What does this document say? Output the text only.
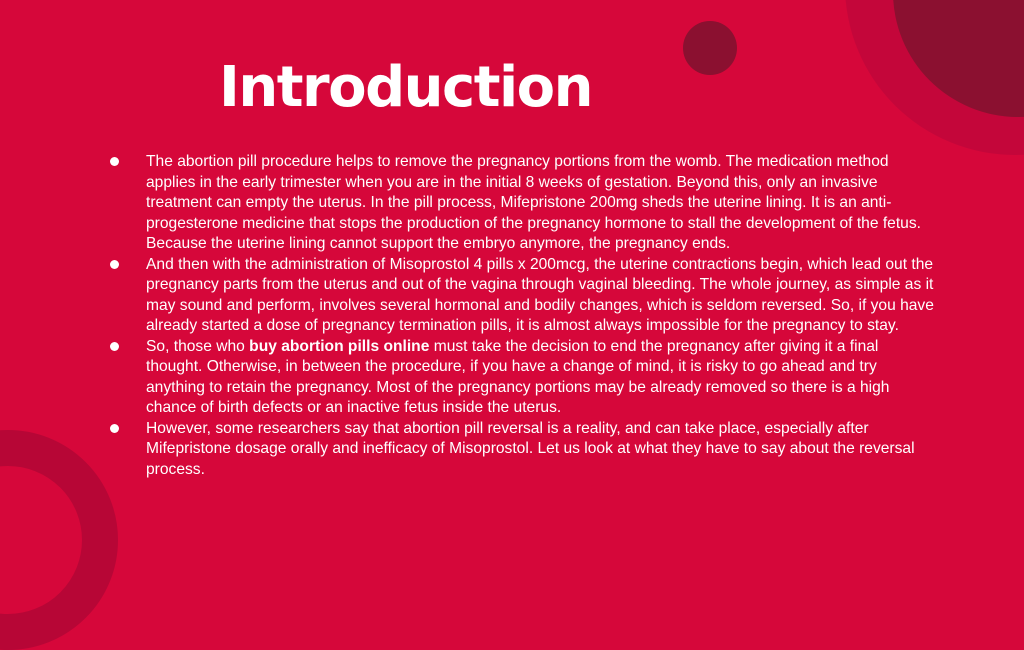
Introduction
The abortion pill procedure helps to remove the pregnancy portions from the womb. The medication method applies in the early trimester when you are in the initial 8 weeks of gestation. Beyond this, only an invasive treatment can empty the uterus. In the pill process, Mifepristone 200mg sheds the uterine lining. It is an anti-progesterone medicine that stops the production of the pregnancy hormone to stall the development of the fetus. Because the uterine lining cannot support the embryo anymore, the pregnancy ends.
And then with the administration of Misoprostol 4 pills x 200mcg, the uterine contractions begin, which lead out the pregnancy parts from the uterus and out of the vagina through vaginal bleeding. The whole journey, as simple as it may sound and perform, involves several hormonal and bodily changes, which is seldom reversed. So, if you have already started a dose of pregnancy termination pills, it is almost always impossible for the pregnancy to stay.
So, those who buy abortion pills online must take the decision to end the pregnancy after giving it a final thought. Otherwise, in between the procedure, if you have a change of mind, it is risky to go ahead and try anything to retain the pregnancy. Most of the pregnancy portions may be already removed so there is a high chance of birth defects or an inactive fetus inside the uterus.
However, some researchers say that abortion pill reversal is a reality, and can take place, especially after Mifepristone dosage orally and inefficacy of Misoprostol. Let us look at what they have to say about the reversal process.
